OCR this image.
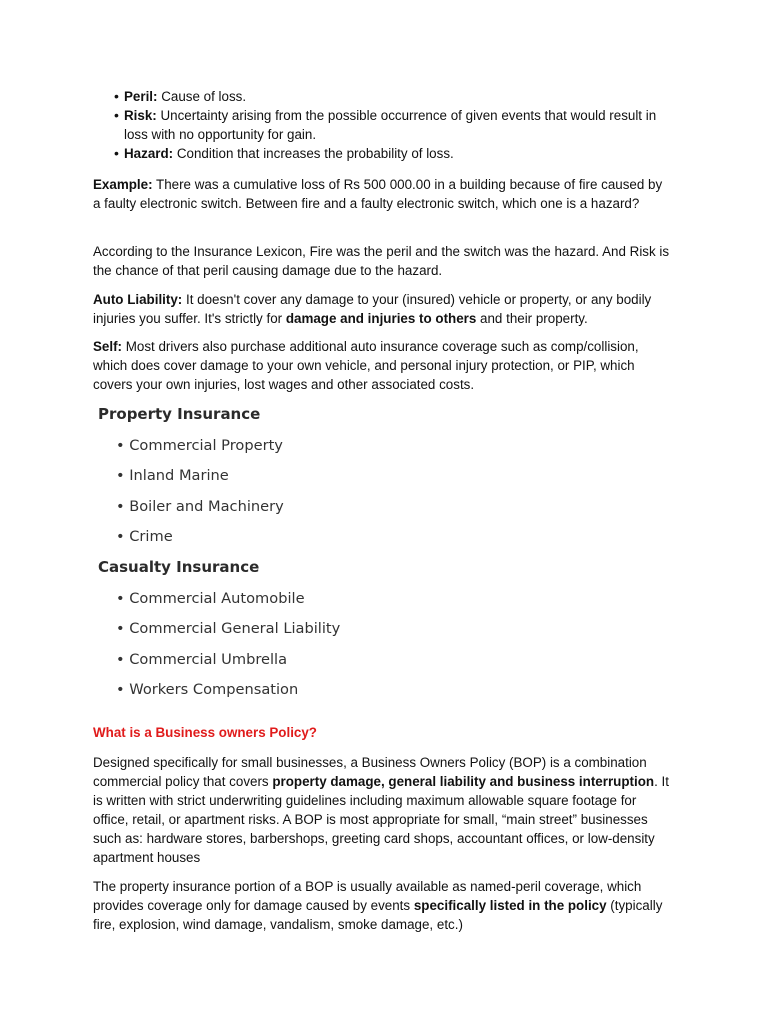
• Peril: Cause of loss.
• Risk: Uncertainty arising from the possible occurrence of given events that would result in loss with no opportunity for gain.
• Hazard: Condition that increases the probability of loss.

Example: There was a cumulative loss of Rs 500 000.00 in a building because of fire caused by a faulty electronic switch. Between fire and a faulty electronic switch, which one is a hazard?

According to the Insurance Lexicon, Fire was the peril and the switch was the hazard. And Risk is the chance of that peril causing damage due to the hazard.

Auto Liability: It doesn't cover any damage to your (insured) vehicle or property, or any bodily injuries you suffer. It's strictly for damage and injuries to others and their property.

Self: Most drivers also purchase additional auto insurance coverage such as comp/collision, which does cover damage to your own vehicle, and personal injury protection, or PIP, which covers your own injuries, lost wages and other associated costs.

Property Insurance
• Commercial Property
• Inland Marine
• Boiler and Machinery
• Crime
Casualty Insurance
• Commercial Automobile
• Commercial General Liability
• Commercial Umbrella
• Workers Compensation
What is a Business owners Policy?

Designed specifically for small businesses, a Business Owners Policy (BOP) is a combination commercial policy that covers property damage, general liability and business interruption. It is written with strict underwriting guidelines including maximum allowable square footage for office, retail, or apartment risks. A BOP is most appropriate for small, “main street” businesses such as: hardware stores, barbershops, greeting card shops, accountant offices, or low-density apartment houses

The property insurance portion of a BOP is usually available as named-peril coverage, which provides coverage only for damage caused by events specifically listed in the policy (typically fire, explosion, wind damage, vandalism, smoke damage, etc.)
